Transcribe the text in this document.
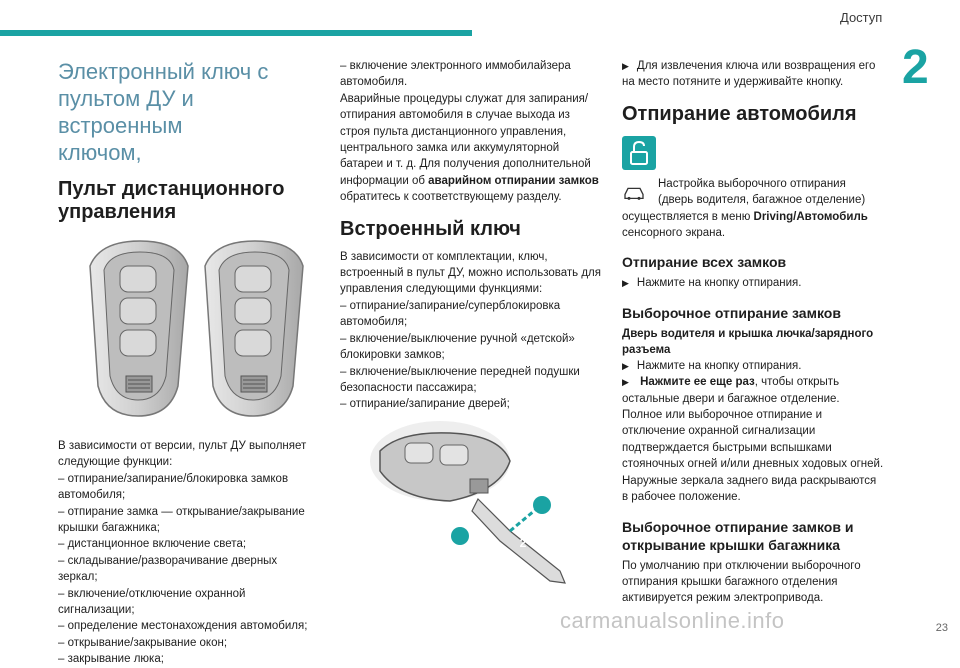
Доступ
2
Электронный ключ с
пультом ДУ и встроенным
ключом,
Пульт дистанционного
управления

В зависимости от версии, пульт ДУ выполняет следующие функции:

– отпирание/запирание/блокировка замков автомобиля;
– отпирание замка — открывание/закрывание крышки багажника;
– дистанционное включение света;
– складывание/разворачивание дверных зеркал;
– включение/отключение охранной сигнализации;
– определение местонахождения автомобиля;
– открывание/закрывание окон;
– закрывание люка;
– включение электронного иммобилайзера автомобиля.

Аварийные процедуры служат для запирания/отпирания автомобиля в случае выхода из строя пульта дистанционного управления, центрального замка или аккумуляторной батареи и т. д. Для получения дополнительной информации об аварийном отпирании замков обратитесь к соответствующему разделу.

Встроенный ключ

В зависимости от комплектации, ключ, встроенный в пульт ДУ, можно использовать для управления следующими функциями:

– отпирание/запирание/суперблокировка автомобиля;
– включение/выключение ручной «детской» блокировки замков;
– включение/выключение передней подушки безопасности пассажира;
– отпирание/запирание дверей;
1
2

▶ Для извлечения ключа или возвращения его на место потяните и удерживайте кнопку.

Отпирание автомобиля

Настройка выборочного отпирания (дверь водителя, багажное отделение)

осуществляется в меню Driving/Автомобиль

сенсорного экрана.

Отпирание всех замков

▶ Нажмите на кнопку отпирания.

Выборочное отпирание замков
Дверь водителя и крышка лючка/зарядного разъема

▶ Нажмите на кнопку отпирания.

▶ Нажмите ее еще раз, чтобы открыть остальные двери и багажное отделение.

Полное или выборочное отпирание и отключение охранной сигнализации подтверждается быстрыми вспышками стояночных огней и/или дневных ходовых огней.

Наружные зеркала заднего вида раскрываются в рабочее положение.

Выборочное отпирание замков и открывание крышки багажника

По умолчанию при отключении выборочного отпирания крышки багажного отделения активируется режим электропривода.

carmanualsonline.info	23
